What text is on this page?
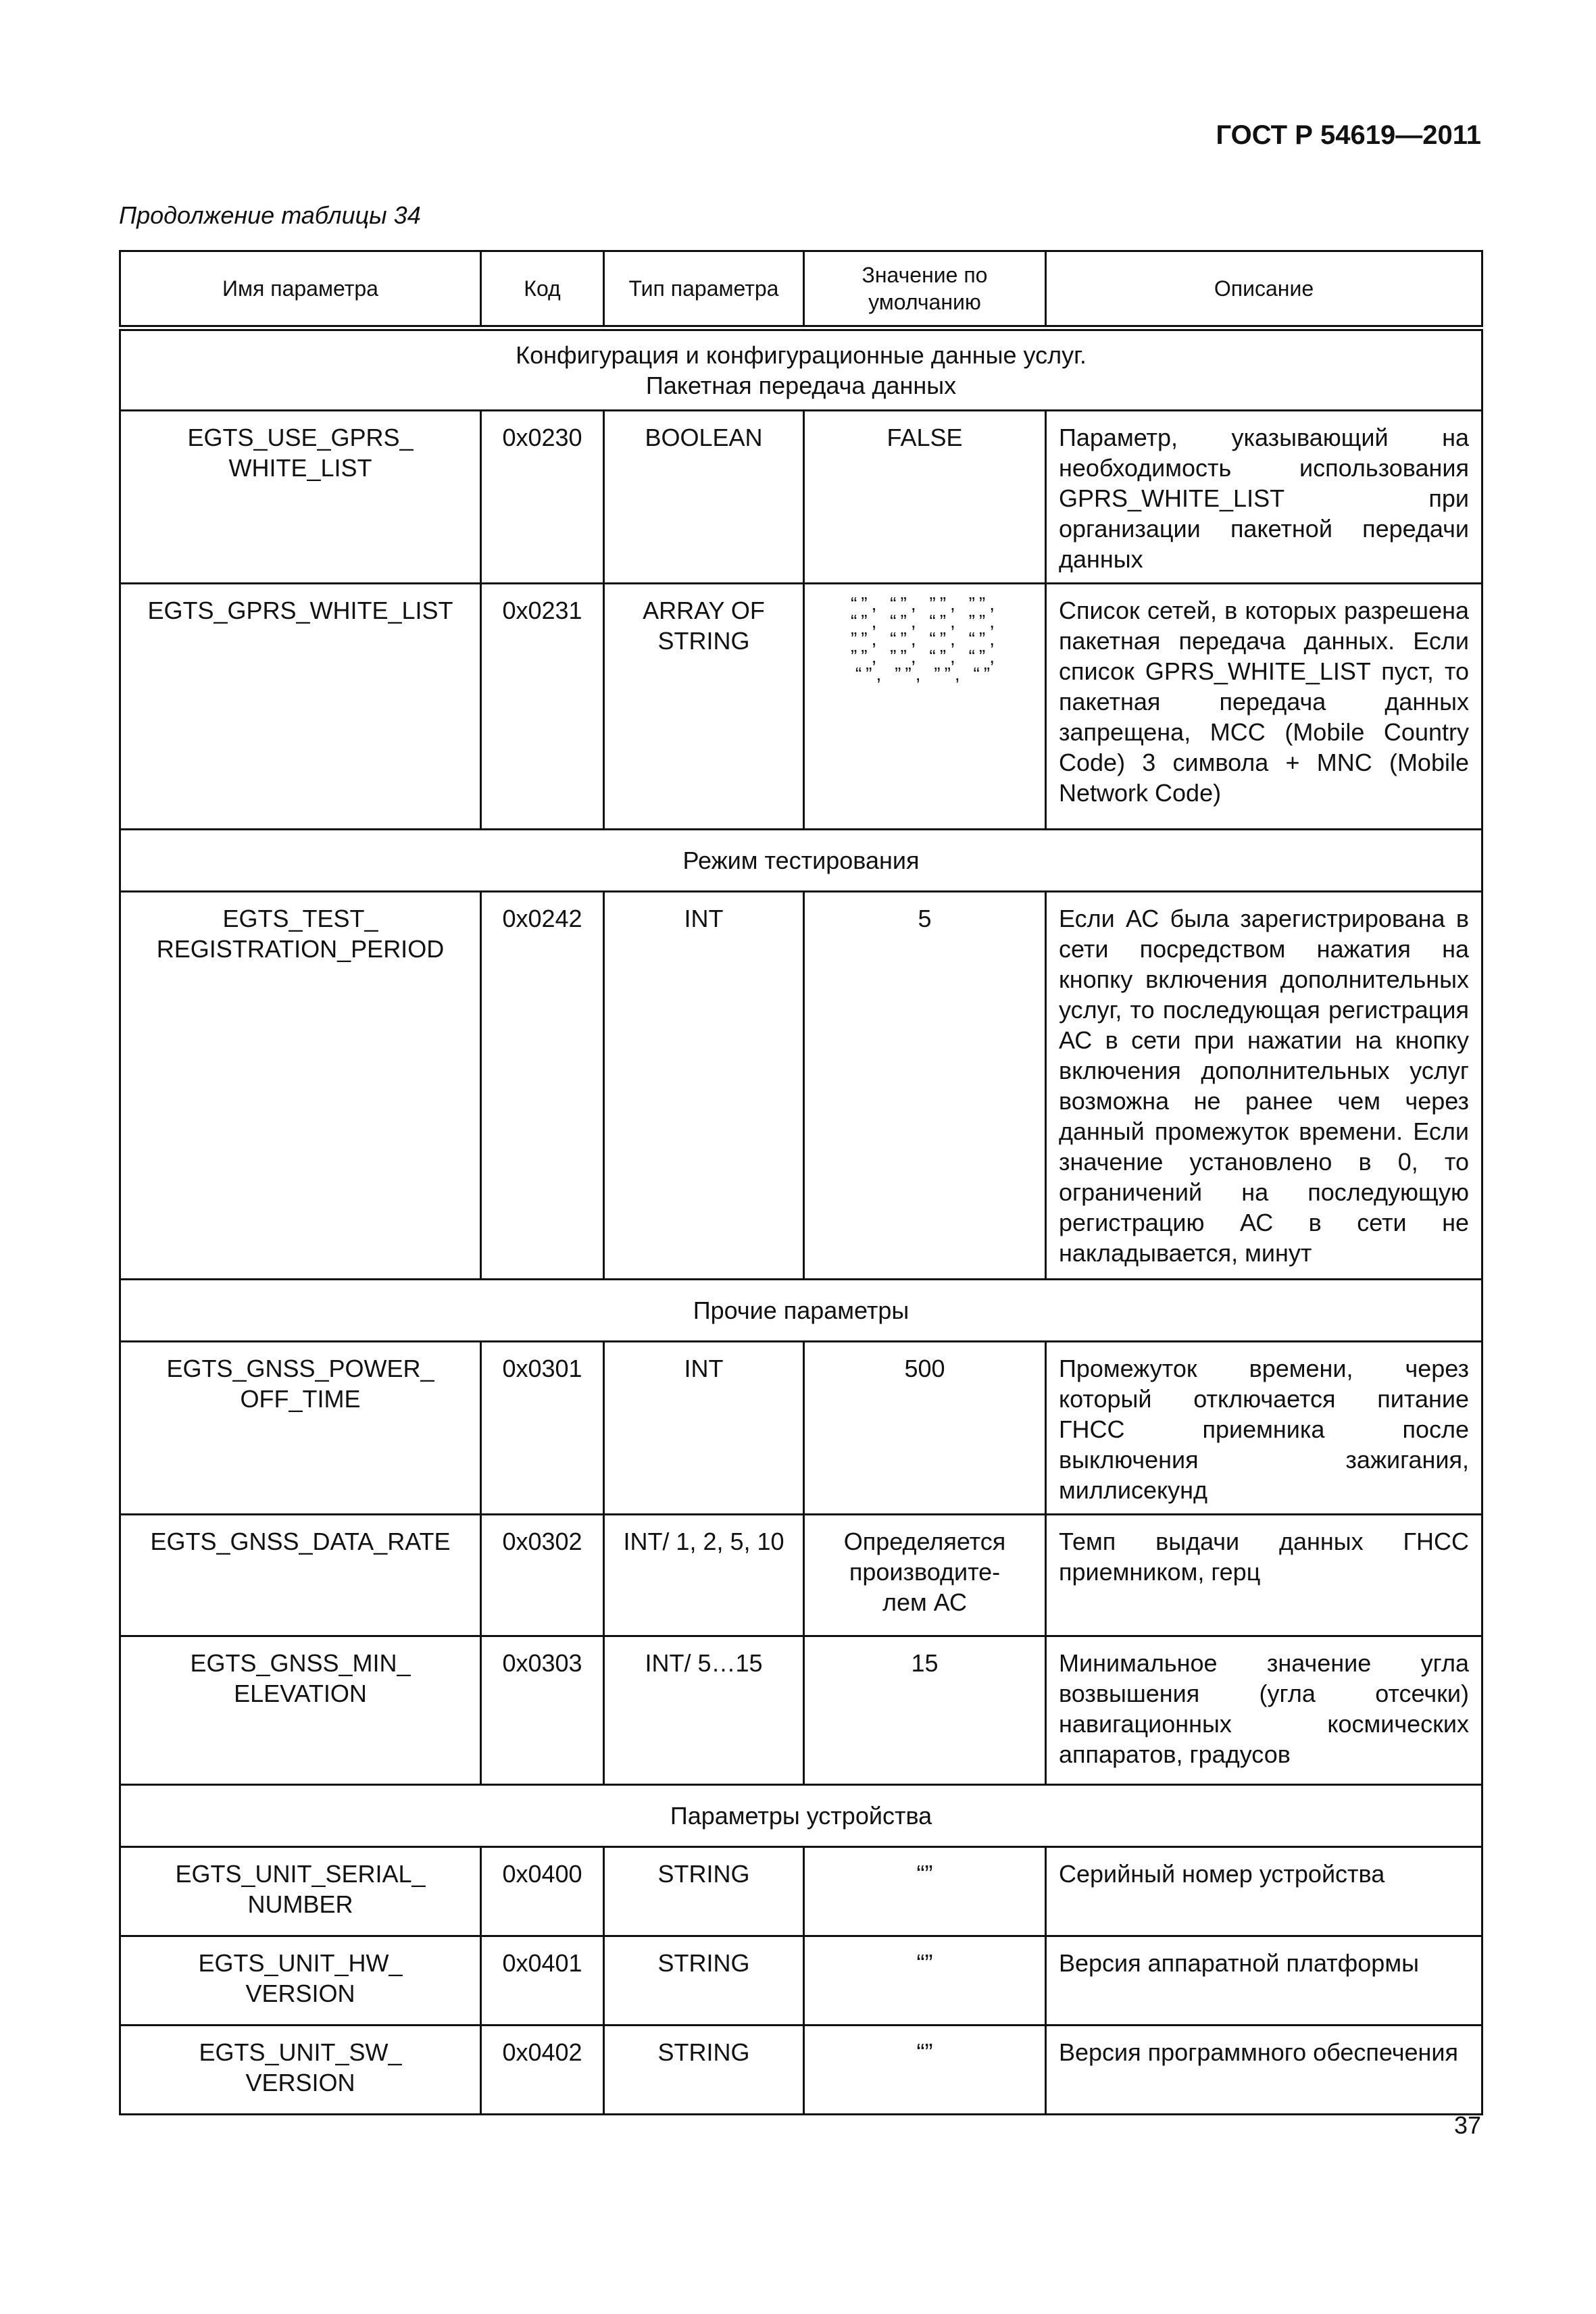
ГОСТ Р 54619—2011
Продолжение таблицы 34
Имя параметра	Код	Тип параметра	Значение по умолчанию	Описание
Конфигурация и конфигурационные данные услуг.
Пакетная передача данных				
EGTS_USE_GPRS_
WHITE_LIST	0x0230	BOOLEAN	FALSE	Параметр, указывающий на необходимость использования GPRS_WHITE_LIST при организации пакетной передачи данных
EGTS_GPRS_WHITE_LIST	0x0231	ARRAY OF
STRING	“”, “”, ””, ””,
“”, “”, “”, ””,
””, “”, “”, “”,
””, ””, “”, “”,
“”, ””, ””, “”	Список сетей, в которых разрешена пакетная передача данных. Если список GPRS_WHITE_LIST пуст, то пакетная передача данных запрещена, MCC (Mobile Country Code) 3 символа + MNC (Mobile Network Code)
Режим тестирования				
EGTS_TEST_
REGISTRATION_PERIOD	0x0242	INT	5	Если АС была зарегистрирована в сети посредством нажатия на кнопку включения дополнительных услуг, то последующая регистрация АС в сети при нажатии на кнопку включения дополнительных услуг возможна не ранее чем через данный промежуток времени. Если значение установлено в 0, то ограничений на последующую регистрацию АС в сети не накладывается, минут
Прочие параметры				
EGTS_GNSS_POWER_
OFF_TIME	0x0301	INT	500	Промежуток времени, через который отключается питание ГНСС приемника после выключения зажигания, миллисекунд
EGTS_GNSS_DATA_RATE	0x0302	INT/ 1, 2, 5, 10	Определяется
производите-
лем АС	Темп выдачи данных ГНСС приемником, герц
EGTS_GNSS_MIN_
ELEVATION	0x0303	INT/ 5…15	15	Минимальное значение угла возвышения (угла отсечки) навигационных космических аппаратов, градусов
Параметры устройства				
EGTS_UNIT_SERIAL_
NUMBER	0x0400	STRING	“”	Серийный номер устройства
EGTS_UNIT_HW_
VERSION	0x0401	STRING	“”	Версия аппаратной платформы
EGTS_UNIT_SW_
VERSION	0x0402	STRING	“”	Версия программного обеспечения
37
